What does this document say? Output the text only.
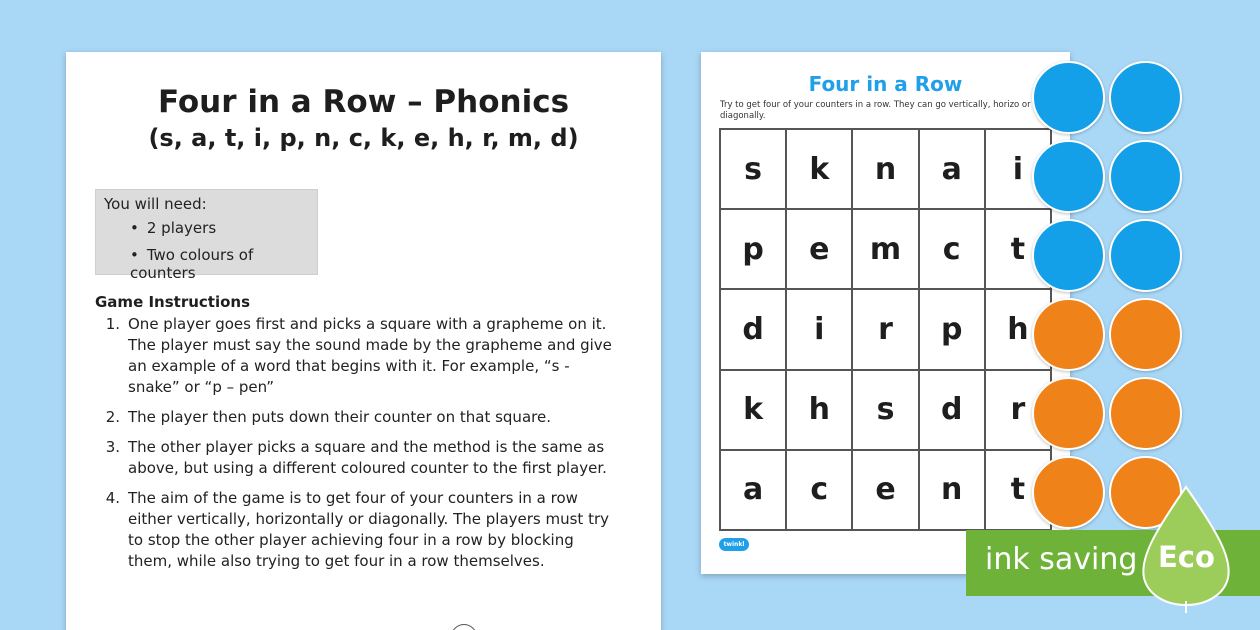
Four in a Row – Phonics
(s, a, t, i, p, n, c, k, e, h, r, m, d)
You will need:
• 2 players
• Two colours of counters
Game Instructions
1. One player goes first and picks a square with a grapheme on it. The player must say the sound made by the grapheme and give an example of a word that begins with it. For example, “s - snake” or “p – pen”
2. The player then puts down their counter on that square.
3. The other player picks a square and the method is the same as above, but using a different coloured counter to the first player.
4. The aim of the game is to get four of your counters in a row either vertically, horizontally or diagonally. The players must try to stop the other player achieving four in a row by blocking them, while also trying to get four in a row themselves.
Four in a Row
Try to get four of your counters in a row. They can go vertically, horizo or diagonally.
s	k	n	a	i
p	e	m	c	t
d	i	r	p	h
k	h	s	d	r
a	c	e	n	t
twinkl	ink saving Eco
